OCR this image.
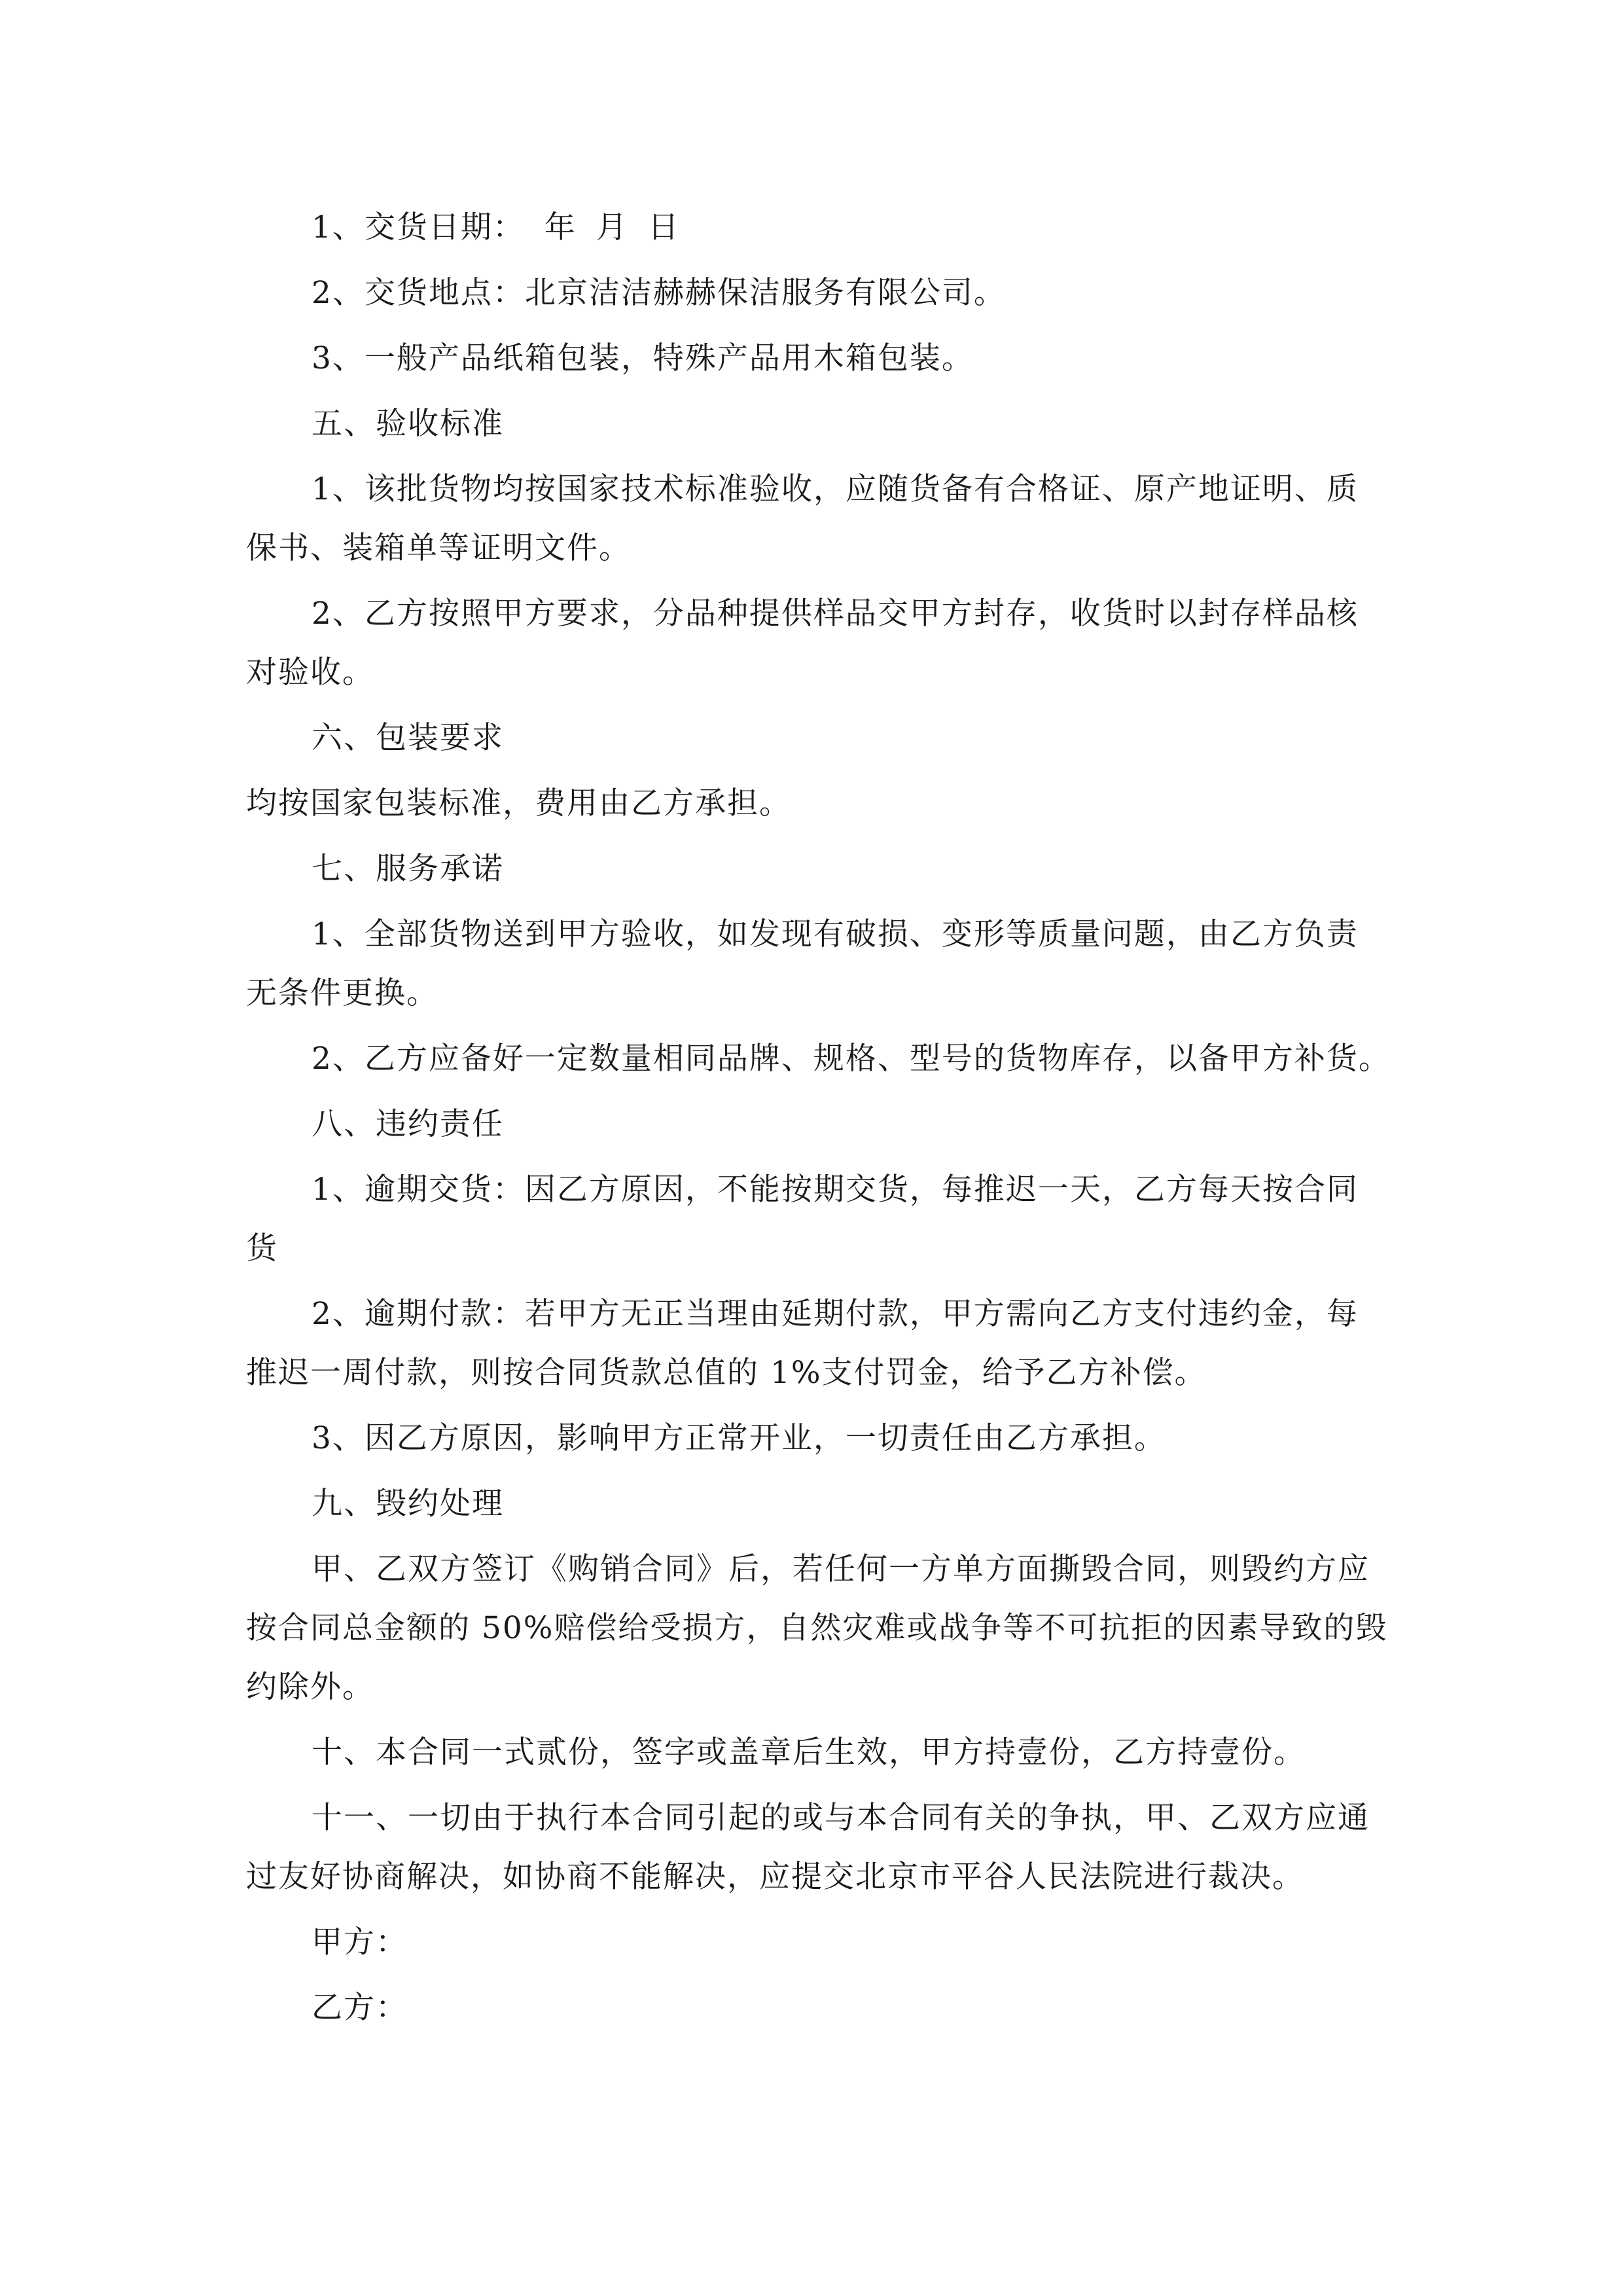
1、交货日期： 年 月 日
2、交货地点：北京洁洁赫赫保洁服务有限公司。
3、一般产品纸箱包装，特殊产品用木箱包装。
五、验收标准
1、该批货物均按国家技术标准验收，应随货备有合格证、原产地证明、质
保书、装箱单等证明文件。
2、乙方按照甲方要求，分品种提供样品交甲方封存，收货时以封存样品核
对验收。
六、包装要求
均按国家包装标准，费用由乙方承担。
七、服务承诺
1、全部货物送到甲方验收，如发现有破损、变形等质量问题，由乙方负责
无条件更换。
2、乙方应备好一定数量相同品牌、规格、型号的货物库存，以备甲方补货。
八、违约责任
1、逾期交货：因乙方原因，不能按期交货，每推迟一天，乙方每天按合同
货
2、逾期付款：若甲方无正当理由延期付款，甲方需向乙方支付违约金，每
推迟一周付款，则按合同货款总值的 1%支付罚金，给予乙方补偿。
3、因乙方原因，影响甲方正常开业，一切责任由乙方承担。
九、毁约处理
甲、乙双方签订《购销合同》后，若任何一方单方面撕毁合同，则毁约方应
按合同总金额的 50%赔偿给受损方，自然灾难或战争等不可抗拒的因素导致的毁
约除外。
十、本合同一式贰份，签字或盖章后生效，甲方持壹份，乙方持壹份。
十一、一切由于执行本合同引起的或与本合同有关的争执，甲、乙双方应通
过友好协商解决，如协商不能解决，应提交北京市平谷人民法院进行裁决。
甲方：
乙方：
